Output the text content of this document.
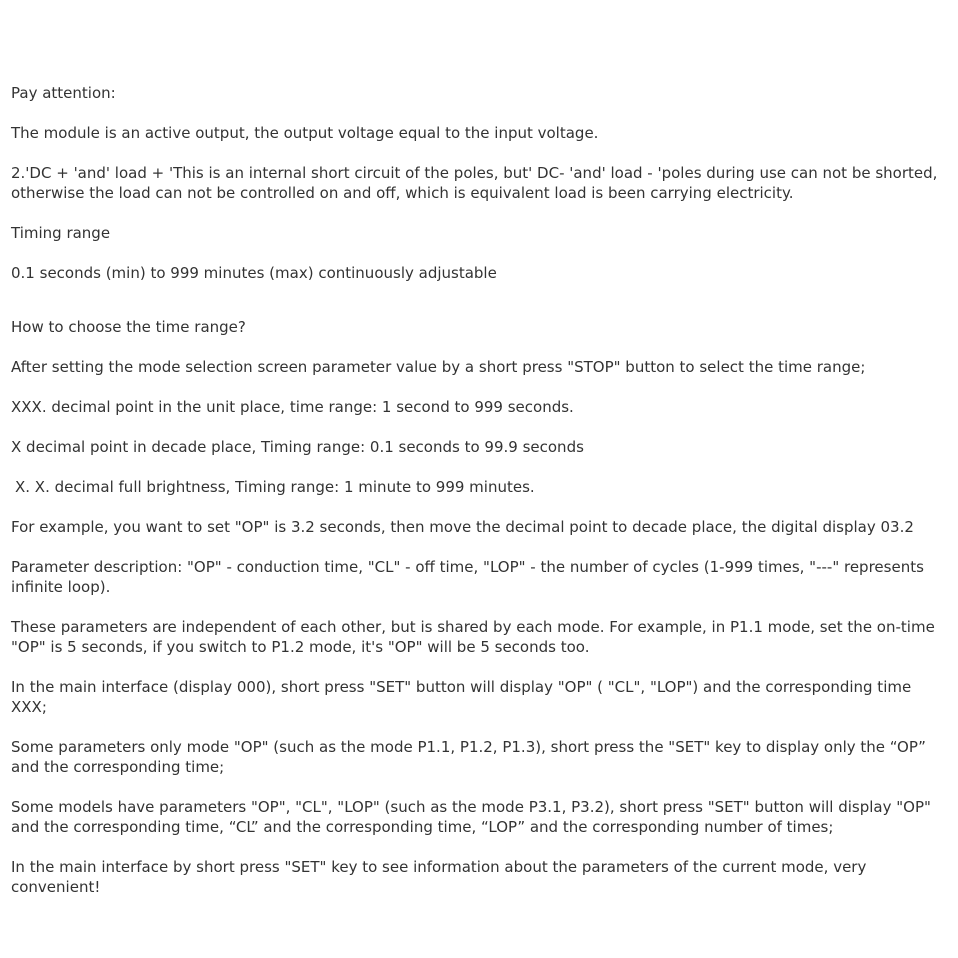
Pay attention:

The module is an active output, the output voltage equal to the input voltage.

2.'DC + 'and' load + 'This is an internal short circuit of the poles, but' DC- 'and' load - 'poles during use can not be shorted, otherwise the load can not be controlled on and off, which is equivalent load is been carrying electricity.

Timing range

0.1 seconds (min) to 999 minutes (max) continuously adjustable

How to choose the time range?

After setting the mode selection screen parameter value by a short press "STOP" button to select the time range;

XXX. decimal point in the unit place, time range: 1 second to 999 seconds.

X decimal point in decade place, Timing range: 0.1 seconds to 99.9 seconds

X. X. decimal full brightness, Timing range: 1 minute to 999 minutes.

For example, you want to set "OP" is 3.2 seconds, then move the decimal point to decade place, the digital display 03.2

Parameter description: "OP" - conduction time, "CL" - off time, "LOP" - the number of cycles (1-999 times, "---" represents infinite loop).

These parameters are independent of each other, but is shared by each mode. For example, in P1.1 mode, set the on-time "OP" is 5 seconds, if you switch to P1.2 mode, it's "OP" will be 5 seconds too.

In the main interface (display 000), short press "SET" button will display "OP" ( "CL", "LOP") and the corresponding time XXX;

Some parameters only mode "OP" (such as the mode P1.1, P1.2, P1.3), short press the "SET" key to display only the “OP” and the corresponding time;

Some models have parameters "OP", "CL", "LOP" (such as the mode P3.1, P3.2), short press "SET" button will display "OP" and the corresponding time, “CL” and the corresponding time, “LOP” and the corresponding number of times;

In the main interface by short press "SET" key to see information about the parameters of the current mode, very convenient!
